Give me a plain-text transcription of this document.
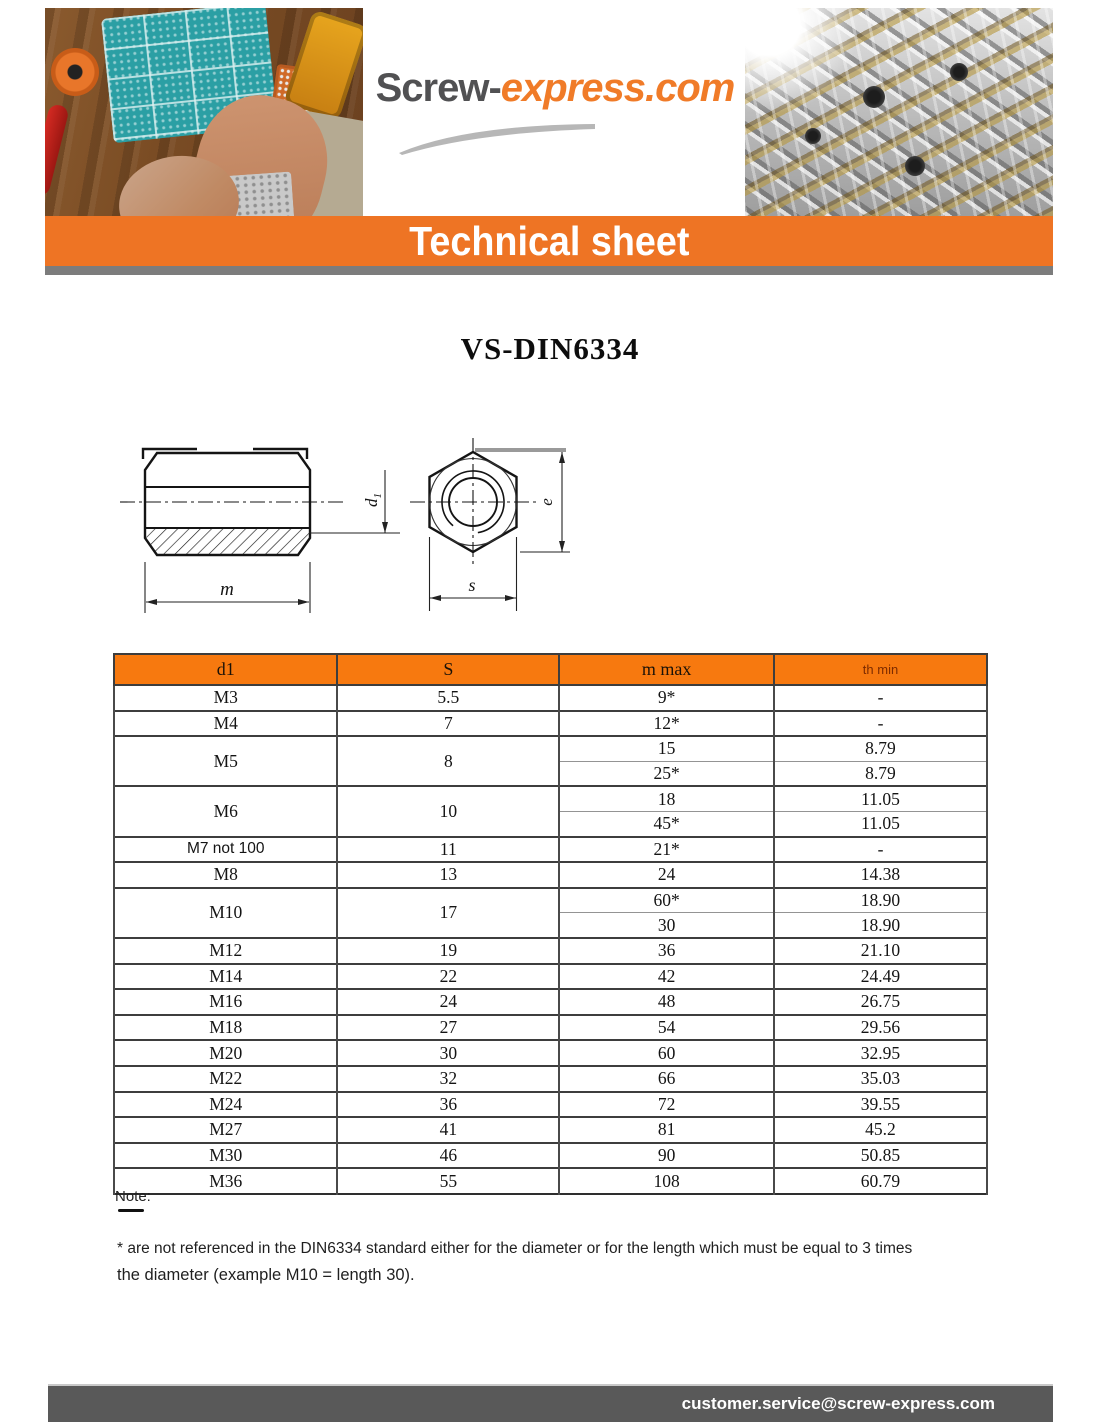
Screw-express.com
Technical sheet
VS-DIN6334
$d_1$
m
e
s
d1	S	m max	th min
M3	5.5	9*	-
M4	7	12*	-
M5	8	15	8.79
		25*	8.79
M6	10	18	11.05
		45*	11.05
M7 not 100	11	21*	-
M8	13	24	14.38
M10	17	60*	18.90
		30	18.90
M12	19	36	21.10
M14	22	42	24.49
M16	24	48	26.75
M18	27	54	29.56
M20	30	60	32.95
M22	32	66	35.03
M24	36	72	39.55
M27	41	81	45.2
M30	46	90	50.85
M36	55	108	60.79
Note:
* are not referenced in the DIN6334 standard either for the diameter or for the length which must be equal to 3 times
the diameter (example M10 = length 30).
customer.service@screw-express.com
